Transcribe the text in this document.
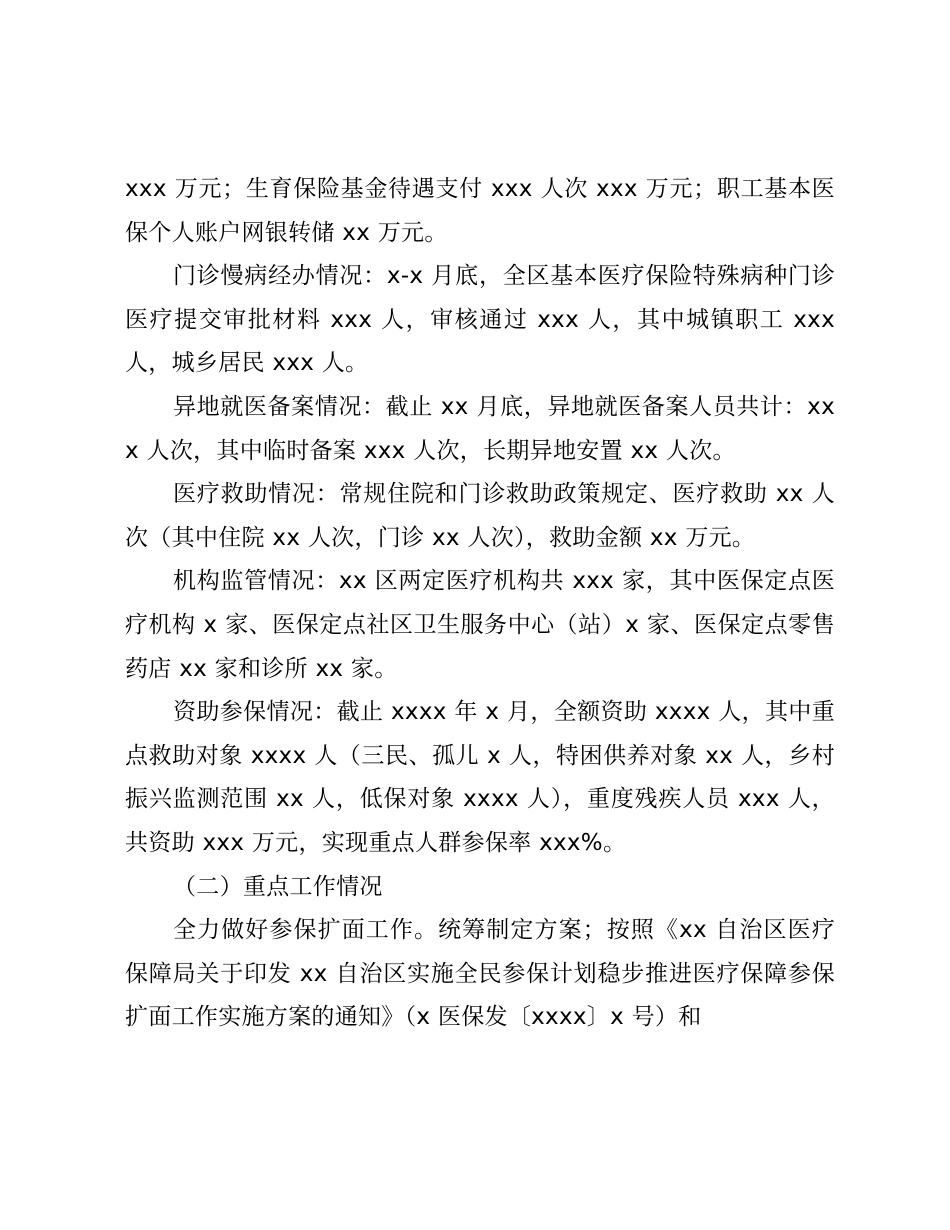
xxx 万元；生育保险基金待遇支付 xxx 人次 xxx 万元；职工基本医保个人账户网银转储 xx 万元。

门诊慢病经办情况：x-x 月底，全区基本医疗保险特殊病种门诊医疗提交审批材料 xxx 人，审核通过 xxx 人，其中城镇职工 xxx 人，城乡居民 xxx 人。

异地就医备案情况：截止 xx 月底，异地就医备案人员共计：xxx 人次，其中临时备案 xxx 人次，长期异地安置 xx 人次。

医疗救助情况：常规住院和门诊救助政策规定、医疗救助 xx 人次（其中住院 xx 人次，门诊 xx 人次），救助金额 xx 万元。

机构监管情况：xx 区两定医疗机构共 xxx 家，其中医保定点医疗机构 x 家、医保定点社区卫生服务中心（站）x 家、医保定点零售药店 xx 家和诊所 xx 家。

资助参保情况：截止 xxxx 年 x 月，全额资助 xxxx 人，其中重点救助对象 xxxx 人（三民、孤儿 x 人，特困供养对象 xx 人，乡村振兴监测范围 xx 人，低保对象 xxxx 人），重度残疾人员 xxx 人，共资助 xxx 万元，实现重点人群参保率 xxx%。

（二）重点工作情况

全力做好参保扩面工作。统筹制定方案；按照《xx 自治区医疗保障局关于印发 xx 自治区实施全民参保计划稳步推进医疗保障参保扩面工作实施方案的通知》（x 医保发〔xxxx〕x 号）和
